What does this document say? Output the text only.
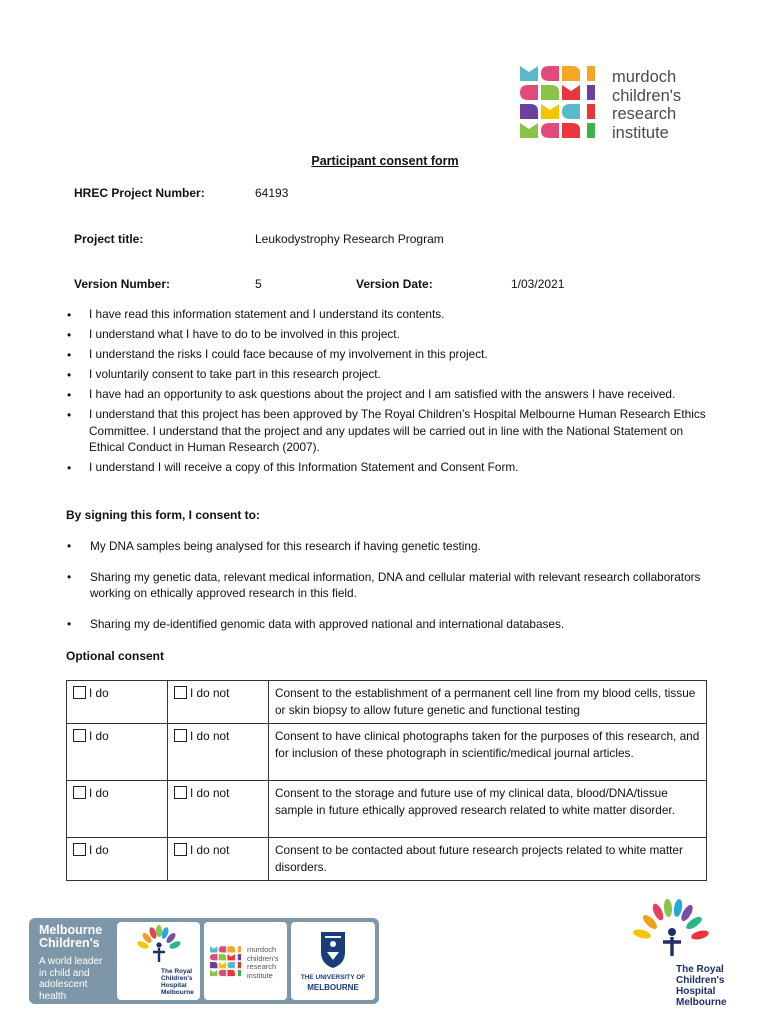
murdoch
children's
research
institute
Participant consent form
HREC Project Number:	64193
Project title:	Leukodystrophy Research Program
Version Number:	5	Version Date:	1/03/2021
• I have read this information statement and I understand its contents.
• I understand what I have to do to be involved in this project.
• I understand the risks I could face because of my involvement in this project.
• I voluntarily consent to take part in this research project.
• I have had an opportunity to ask questions about the project and I am satisfied with the answers I have received.
• I understand that this project has been approved by The Royal Children’s Hospital Melbourne Human Research Ethics Committee. I understand that the project and any updates will be carried out in line with the National Statement on Ethical Conduct in Human Research (2007).
• I understand I will receive a copy of this Information Statement and Consent Form.
By signing this form, I consent to:
• My DNA samples being analysed for this research if having genetic testing.
• Sharing my genetic data, relevant medical information, DNA and cellular material with relevant research collaborators working on ethically approved research in this field.
• Sharing my de-identified genomic data with approved national and international databases.
Optional consent
I do	I do not	Consent to the establishment of a permanent cell line from my blood cells, tissue or skin biopsy to allow future genetic and functional testing
I do	I do not	Consent to have clinical photographs taken for the purposes of this research, and for inclusion of these photograph in scientific/medical journal articles.
I do	I do not	Consent to the storage and future use of my clinical data, blood/DNA/tissue sample in future ethically approved research related to white matter disorder.
I do	I do not	Consent to be contacted about future research projects related to white matter disorders.
Melbourne
Children's
A world leader
in child and
adolescent
health
The Royal
Children's
Hospital
Melbourne
murdoch
children's
research
institute	THE UNIVERSITY OF
MELBOURNE
The Royal
Children's
Hospital
Melbourne
